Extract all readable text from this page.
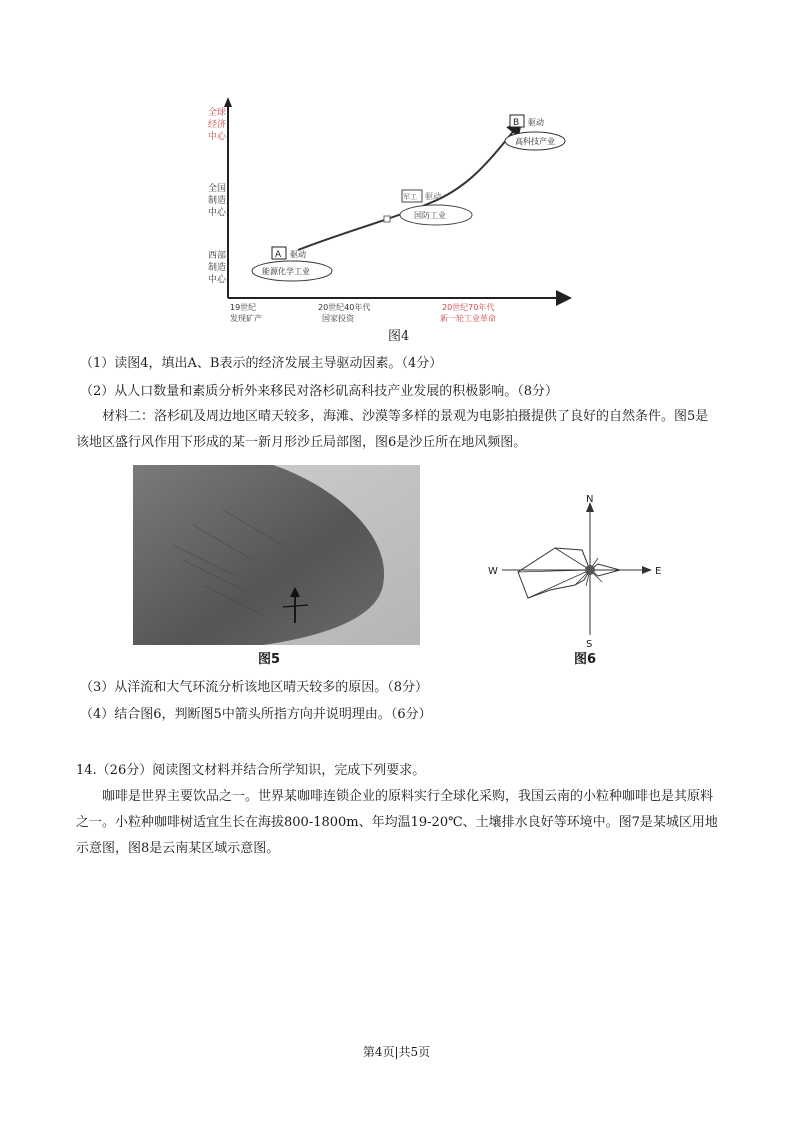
全球
经济
中心
全国
制造
中心
西部
制造
中心
19世纪
发现矿产
20世纪40年代
国家投资
20世纪70年代
新一轮工业革命
A 驱动
能源化学工业
军工 驱动
国防工业
B 驱动
高科技产业
图4
（1）读图4，填出A、B表示的经济发展主导驱动因素。（4分）
（2）从人口数量和素质分析外来移民对洛杉矶高科技产业发展的积极影响。（8分）
材料二：洛杉矶及周边地区晴天较多，海滩、沙漠等多样的景观为电影拍摄提供了良好的自然条件。图5是该地区盛行风作用下形成的某一新月形沙丘局部图，图6是沙丘所在地风频图。
图5
N
S
E
W
图6
（3）从洋流和大气环流分析该地区晴天较多的原因。（8分）
（4）结合图6，判断图5中箭头所指方向并说明理由。（6分）
14.（26分）阅读图文材料并结合所学知识，完成下列要求。
咖啡是世界主要饮品之一。世界某咖啡连锁企业的原料实行全球化采购，我国云南的小粒种咖啡也是其原料之一。小粒种咖啡树适宜生长在海拔800-1800m、年均温19-20℃、土壤排水良好等环境中。图7是某城区用地示意图，图8是云南某区域示意图。
第4页|共5页
